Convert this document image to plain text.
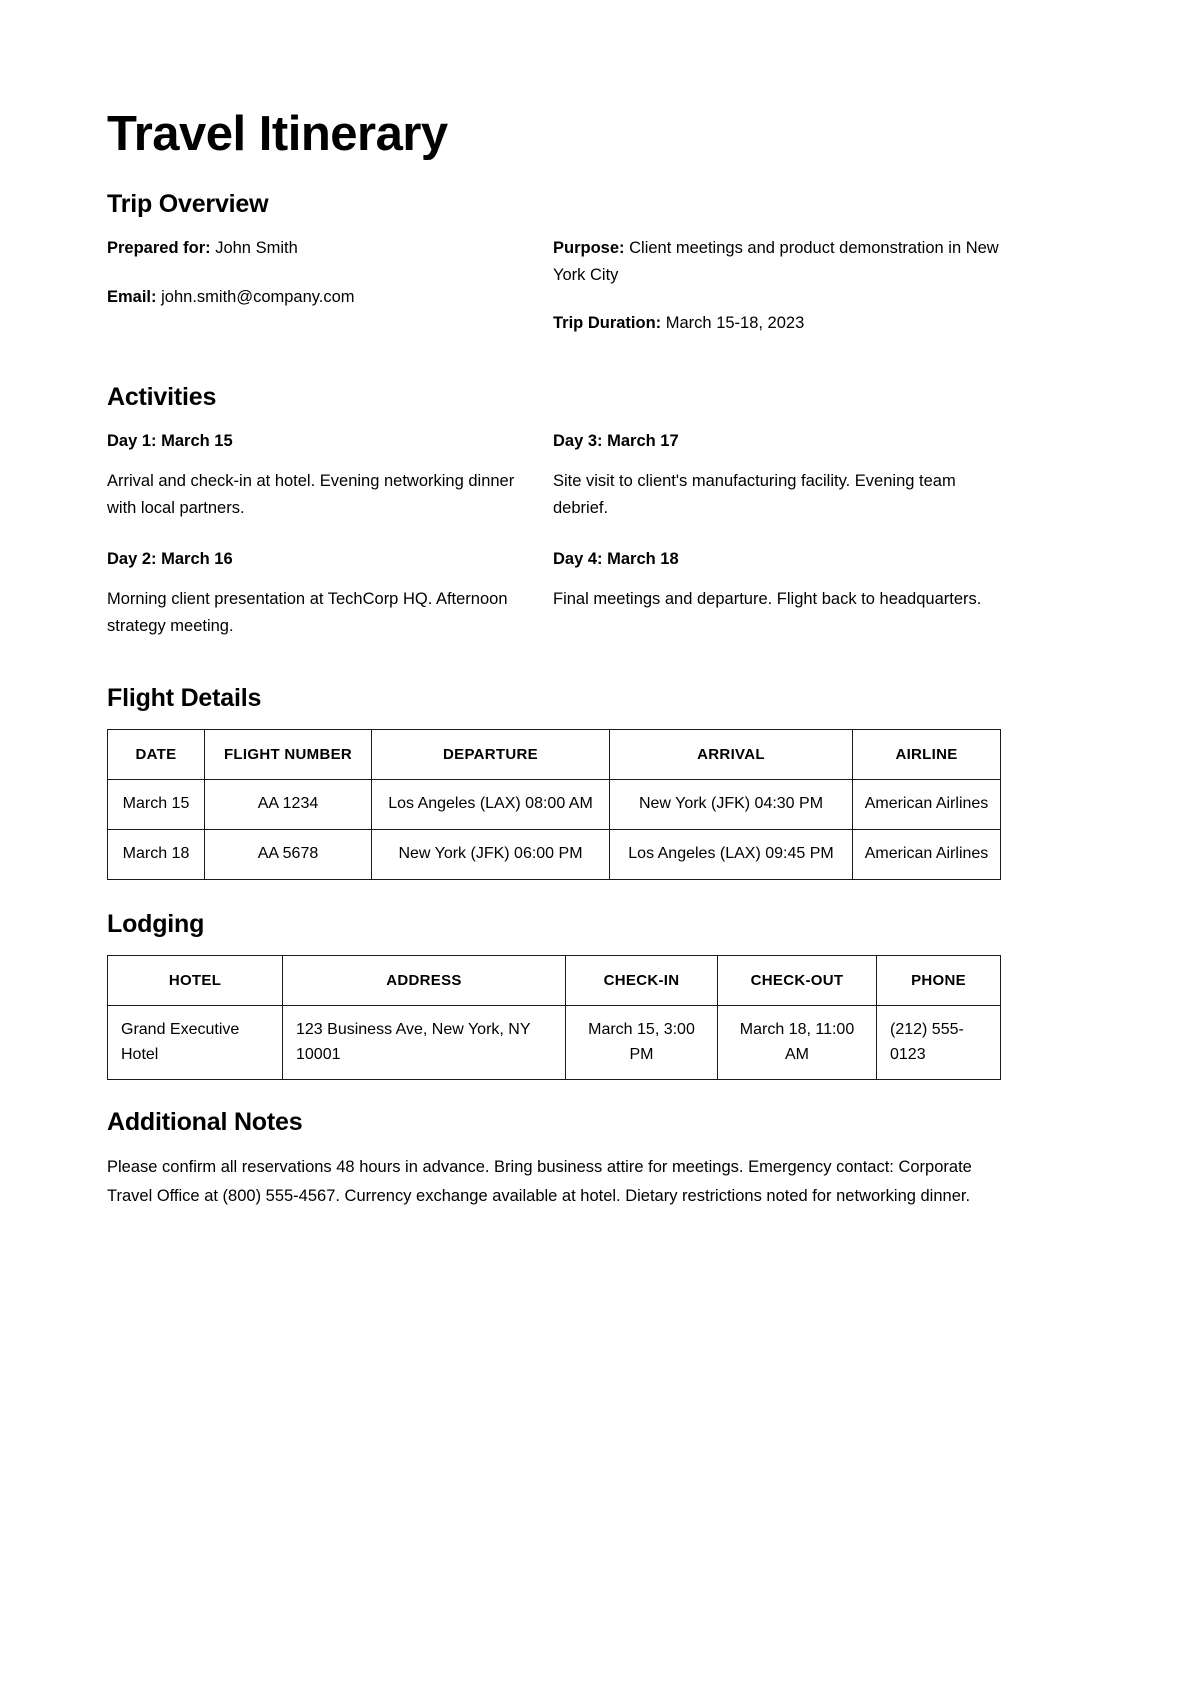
Travel Itinerary
Trip Overview

Prepared for: John Smith

Email: john.smith@company.com

Purpose: Client meetings and product demonstration in New York City

Trip Duration: March 15-18, 2023

Activities

Day 1: March 15

Arrival and check-in at hotel. Evening networking dinner with local partners.

Day 2: March 16

Morning client presentation at TechCorp HQ. Afternoon strategy meeting.

Day 3: March 17

Site visit to client's manufacturing facility. Evening team debrief.

Day 4: March 18

Final meetings and departure. Flight back to headquarters.

Flight Details
DATE	FLIGHT NUMBER	DEPARTURE	ARRIVAL	AIRLINE
March 15	AA 1234	Los Angeles (LAX) 08:00 AM	New York (JFK) 04:30 PM	American Airlines
March 18	AA 5678	New York (JFK) 06:00 PM	Los Angeles (LAX) 09:45 PM	American Airlines
Lodging
HOTEL	ADDRESS	CHECK-IN	CHECK-OUT	PHONE
Grand Executive Hotel	123 Business Ave, New York, NY 10001	March 15, 3:00 PM	March 18, 11:00 AM	(212) 555-0123
Additional Notes

Please confirm all reservations 48 hours in advance. Bring business attire for meetings. Emergency contact: Corporate Travel Office at (800) 555-4567. Currency exchange available at hotel. Dietary restrictions noted for networking dinner.
